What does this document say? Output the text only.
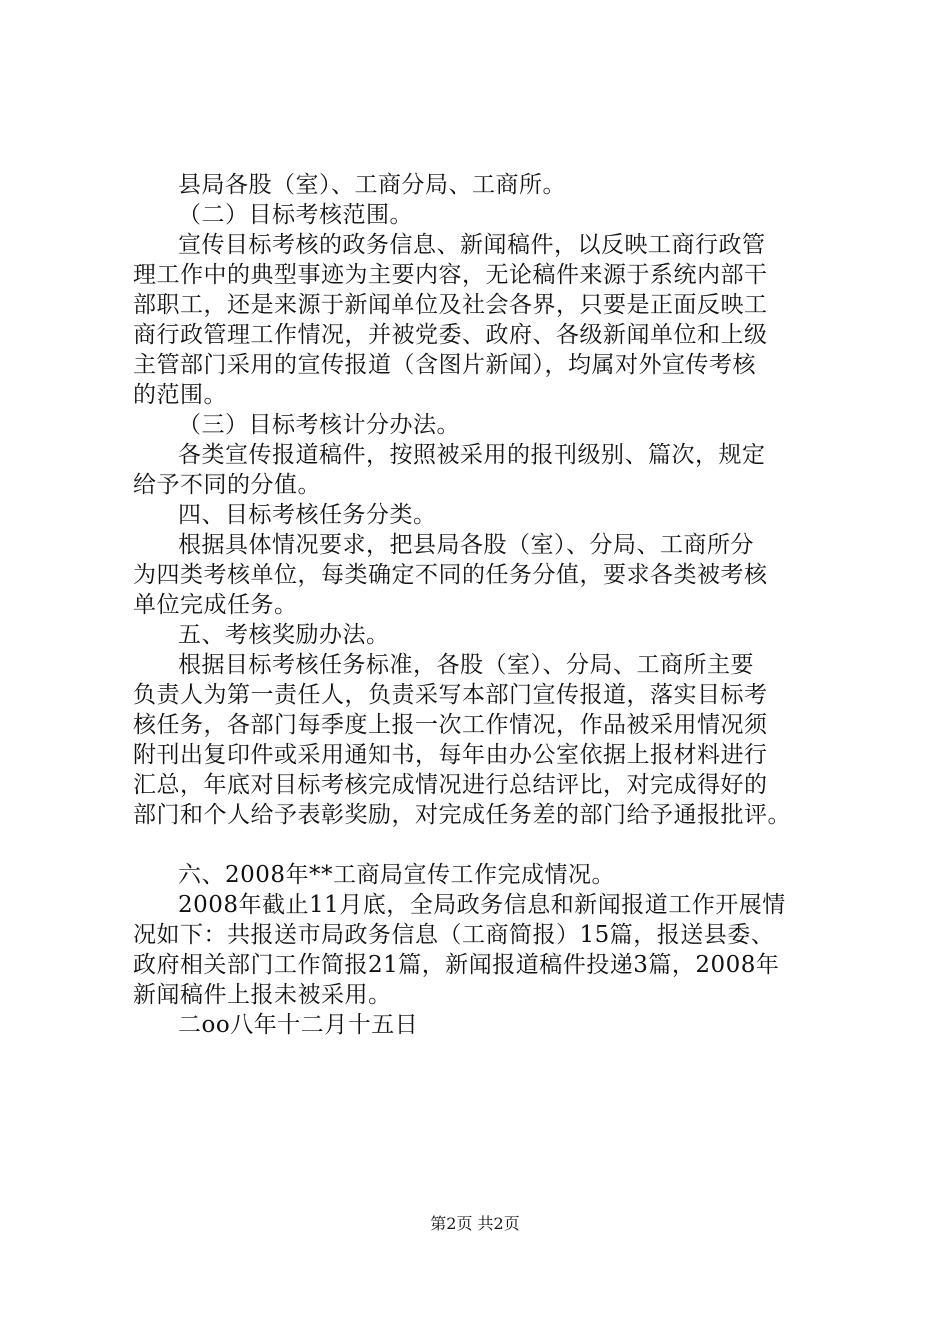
县局各股（室）、工商分局、工商所。
（二）目标考核范围。
宣传目标考核的政务信息、新闻稿件，以反映工商行政管
理工作中的典型事迹为主要内容，无论稿件来源于系统内部干
部职工，还是来源于新闻单位及社会各界，只要是正面反映工
商行政管理工作情况，并被党委、政府、各级新闻单位和上级
主管部门采用的宣传报道（含图片新闻），均属对外宣传考核
的范围。
（三）目标考核计分办法。
各类宣传报道稿件，按照被采用的报刊级别、篇次，规定
给予不同的分值。
四、目标考核任务分类。
根据具体情况要求，把县局各股（室）、分局、工商所分
为四类考核单位，每类确定不同的任务分值，要求各类被考核
单位完成任务。
五、考核奖励办法。
根据目标考核任务标准，各股（室）、分局、工商所主要
负责人为第一责任人，负责采写本部门宣传报道，落实目标考
核任务，各部门每季度上报一次工作情况，作品被采用情况须
附刊出复印件或采用通知书，每年由办公室依据上报材料进行
汇总，年底对目标考核完成情况进行总结评比，对完成得好的
部门和个人给予表彰奖励，对完成任务差的部门给予通报批评。
六、2008年**工商局宣传工作完成情况。
2008年截止11月底，全局政务信息和新闻报道工作开展情
况如下：共报送市局政务信息（工商简报）15篇，报送县委、
政府相关部门工作简报21篇，新闻报道稿件投递3篇，2008年
新闻稿件上报未被采用。
二oo八年十二月十五日
第2页 共2页
